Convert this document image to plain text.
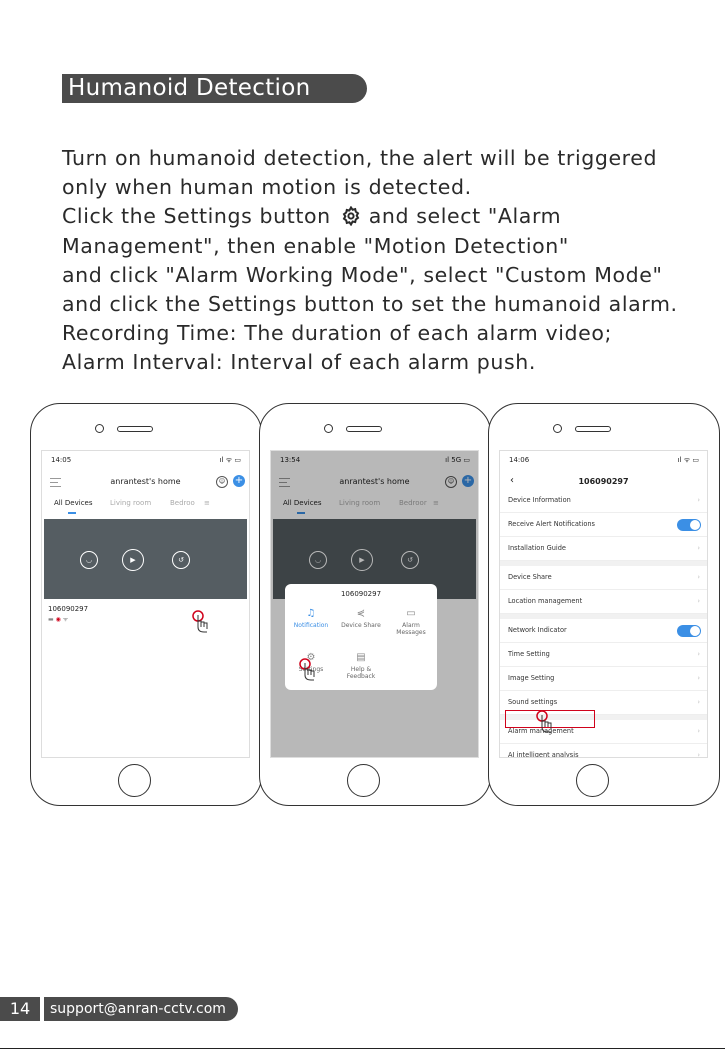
Humanoid Detection
Turn on humanoid detection, the alert will be triggered
only when human motion is detected.
Click the Settings button and select "Alarm
Management", then enable "Motion Detection"
and click "Alarm Working Mode", select "Custom Mode"
and click the Settings button to set the humanoid alarm.
Recording Time: The duration of each alarm video;
Alarm Interval: Interval of each alarm push.
14:05	ıl ᯤ ▭
anrantest's home	☺ +
All Devices	Living room	Bedroo ≡
◡	▶	↺
106090297
▬ ◉ ᯤ
13:54	ıl 5G ▭
anrantest's home	☺ +
All Devices	Living room	Bedroor ≡
◡	▶	↺
106090297
♫
Notification
⋞
Device Share
▭
Alarm Messages
⚙
Settings
▤
Help & Feedback
14:06	ıl ᯤ ▭
‹	106090297
Device Information	›
Receive Alert Notifications
Installation Guide	›
Device Share	›
Location management	›
Network Indicator
Time Setting	›
Image Setting	›
Sound settings	›
Alarm management	›
AI intelligent analysis	›
14	support@anran-cctv.com
